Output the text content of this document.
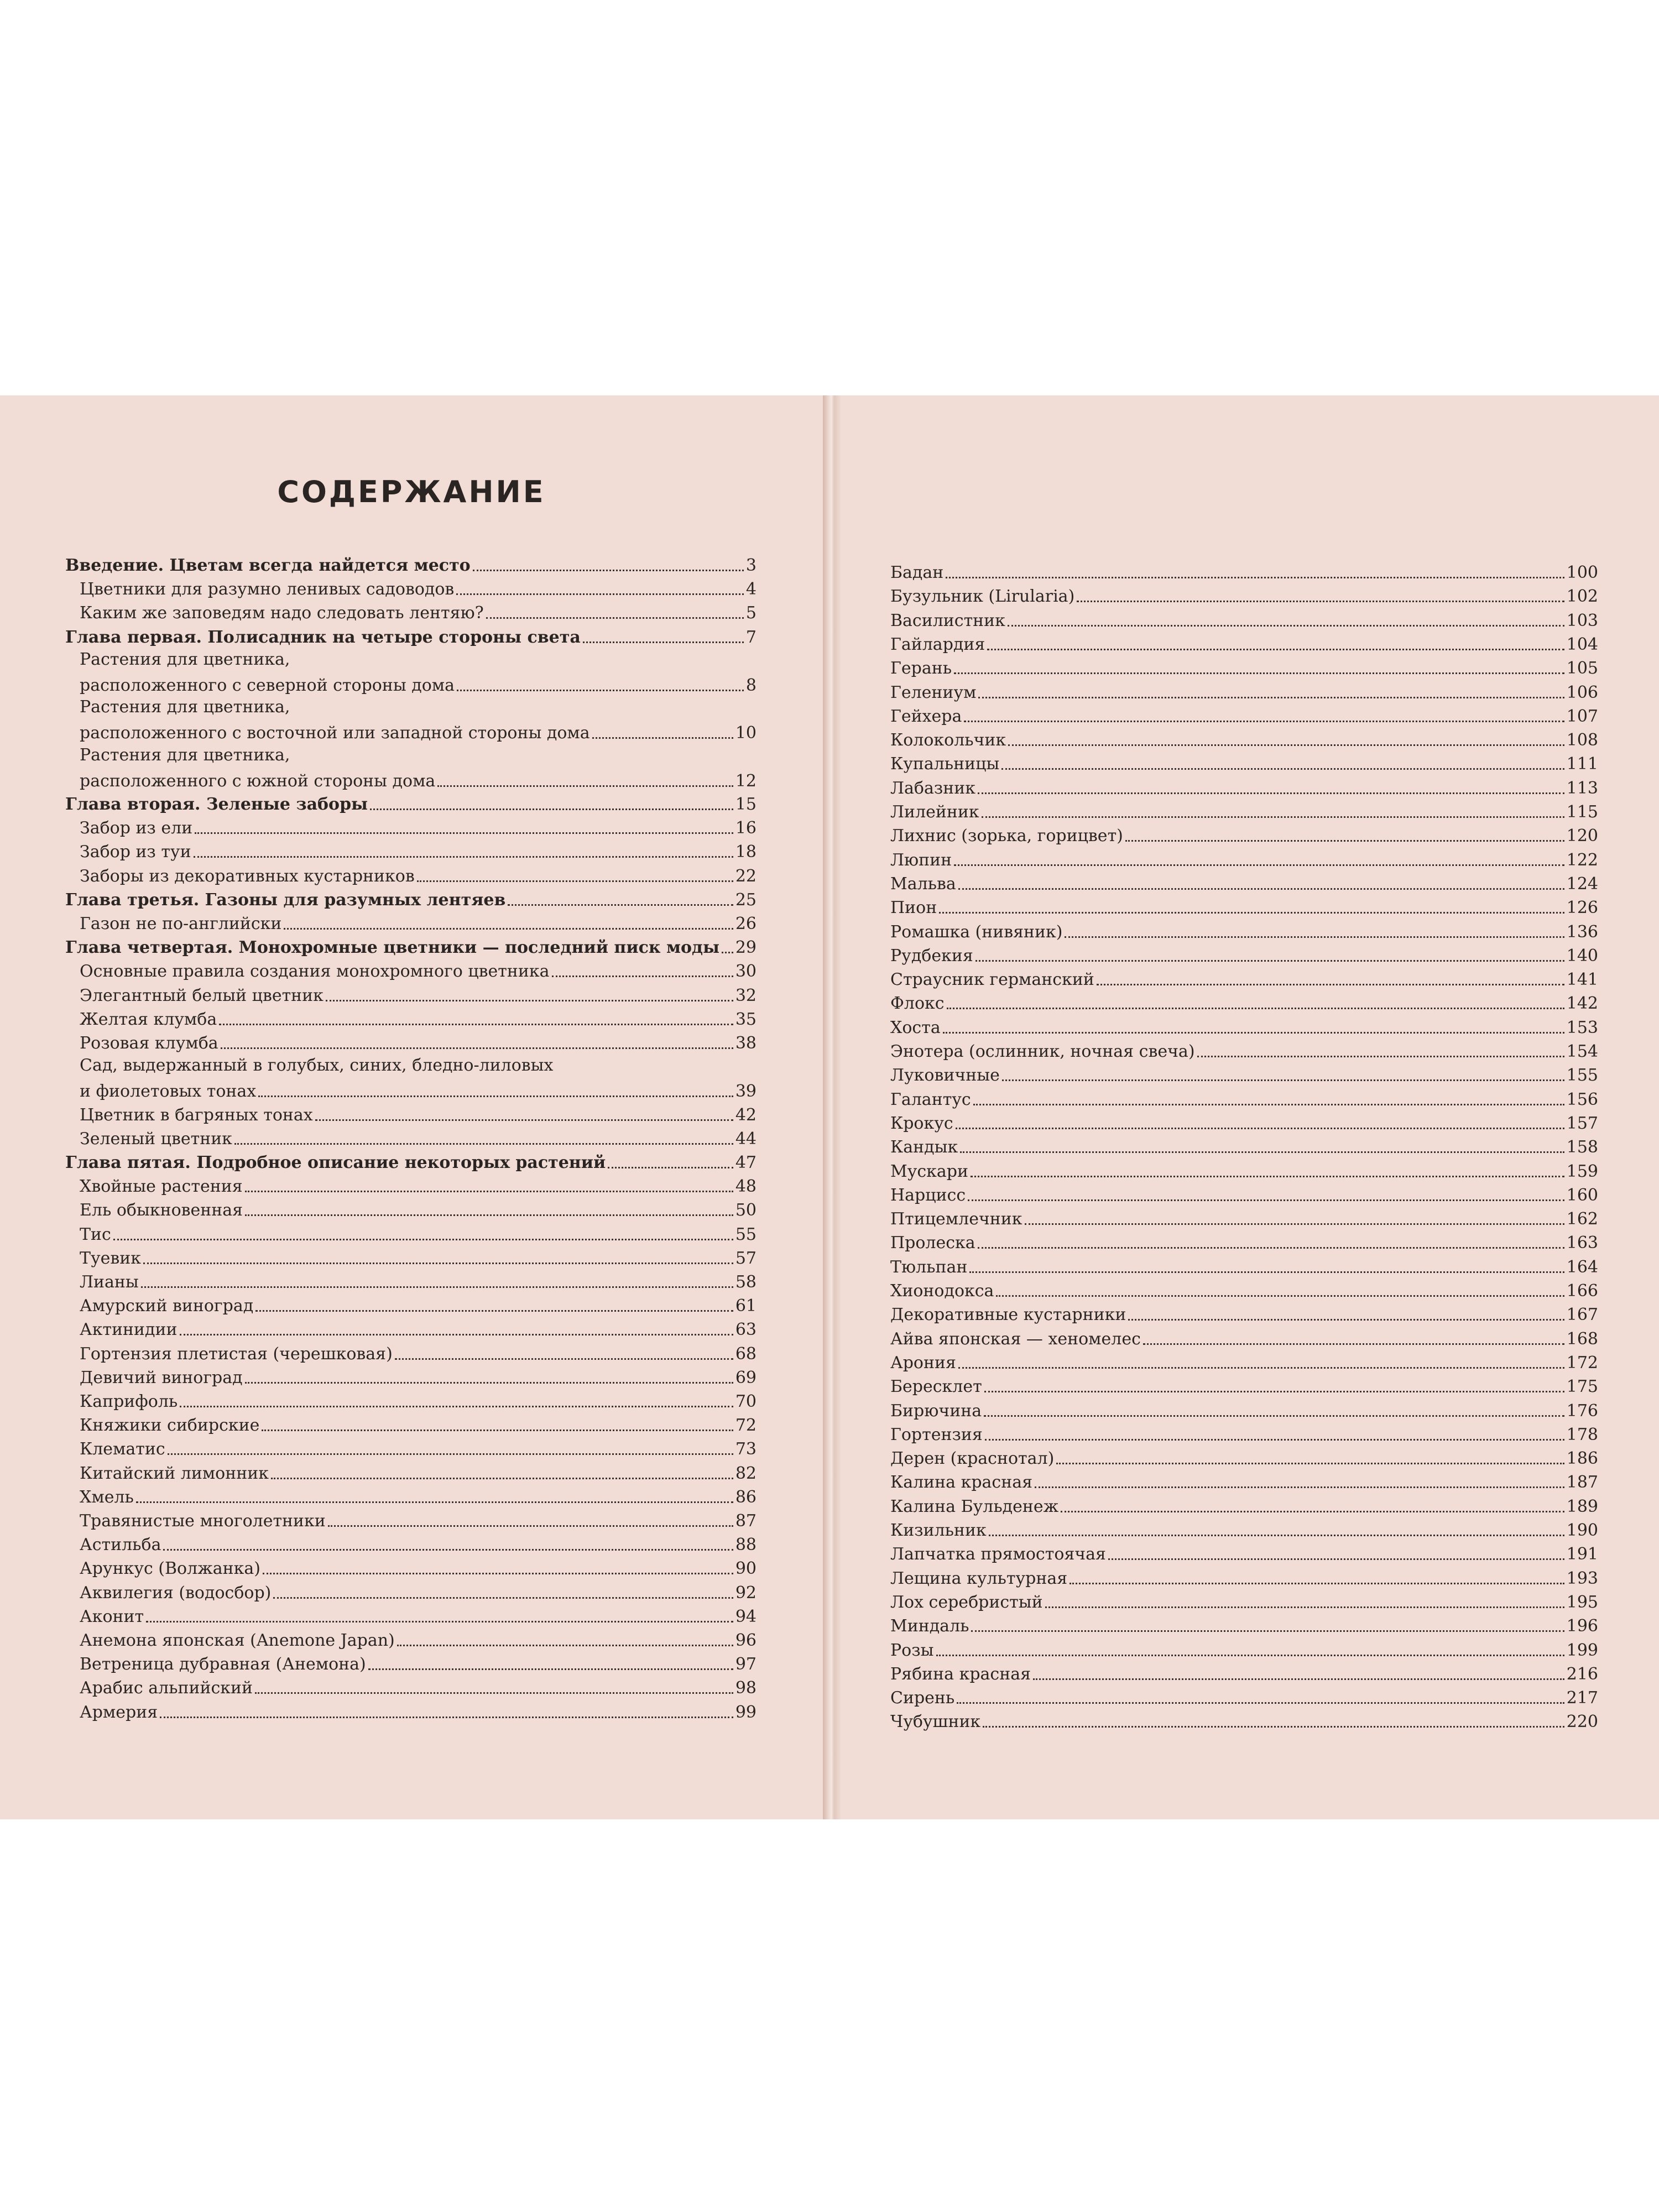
СОДЕРЖАНИЕ
Введение. Цветам всегда найдется место	3
Цветники для разумно ленивых садоводов	4
Каким же заповедям надо следовать лентяю?	5
Глава первая. Полисадник на четыре стороны света	7
Растения для цветника,
расположенного с северной стороны дома	8
Растения для цветника,
расположенного с восточной или западной стороны дома	10
Растения для цветника,
расположенного с южной стороны дома	12
Глава вторая. Зеленые заборы	15
Забор из ели	16
Забор из туи	18
Заборы из декоративных кустарников	22
Глава третья. Газоны для разумных лентяев	25
Газон не по-английски	26
Глава четвертая. Монохромные цветники — последний писк моды 29
Основные правила создания монохромного цветника	30
Элегантный белый цветник	32
Желтая клумба	35
Розовая клумба	38
Сад, выдержанный в голубых, синих, бледно-лиловых
и фиолетовых тонах	39
Цветник в багряных тонах	42
Зеленый цветник	44
Глава пятая. Подробное описание некоторых растений	47
Хвойные растения	48
Ель обыкновенная	50
Тис	55
Туевик	57
Лианы	58
Амурский виноград	61
Актинидии	63
Гортензия плетистая (черешковая)	68
Девичий виноград	69
Каприфоль	70
Княжики сибирские	72
Клематис	73
Китайский лимонник	82
Хмель	86
Травянистые многолетники	87
Астильба	88
Арункус (Волжанка)	90
Аквилегия (водосбор)	92
Аконит	94
Анемона японская (Anemone Japan)	96
Ветреница дубравная (Анемона)	97
Арабис альпийский	98
Армерия	99
Бадан	100
Бузульник (Lirularia)	102
Василистник	103
Гайлардия	104
Герань	105
Гелениум	106
Гейхера	107
Колокольчик	108
Купальницы	111
Лабазник	113
Лилейник	115
Лихнис (зорька, горицвет)	120
Люпин	122
Мальва	124
Пион	126
Ромашка (нивяник)	136
Рудбекия	140
Страусник германский	141
Флокс	142
Хоста	153
Энотера (ослинник, ночная свеча)	154
Луковичные	155
Галантус	156
Крокус	157
Кандык	158
Мускари	159
Нарцисс	160
Птицемлечник	162
Пролеска	163
Тюльпан	164
Хионодокса	166
Декоративные кустарники	167
Айва японская — хеномелес	168
Арония	172
Бересклет	175
Бирючина	176
Гортензия	178
Дерен (краснотал)	186
Калина красная	187
Калина Бульденеж	189
Кизильник	190
Лапчатка прямостоячая	191
Лещина культурная	193
Лох серебристый	195
Миндаль	196
Розы	199
Рябина красная	216
Сирень	217
Чубушник	220
